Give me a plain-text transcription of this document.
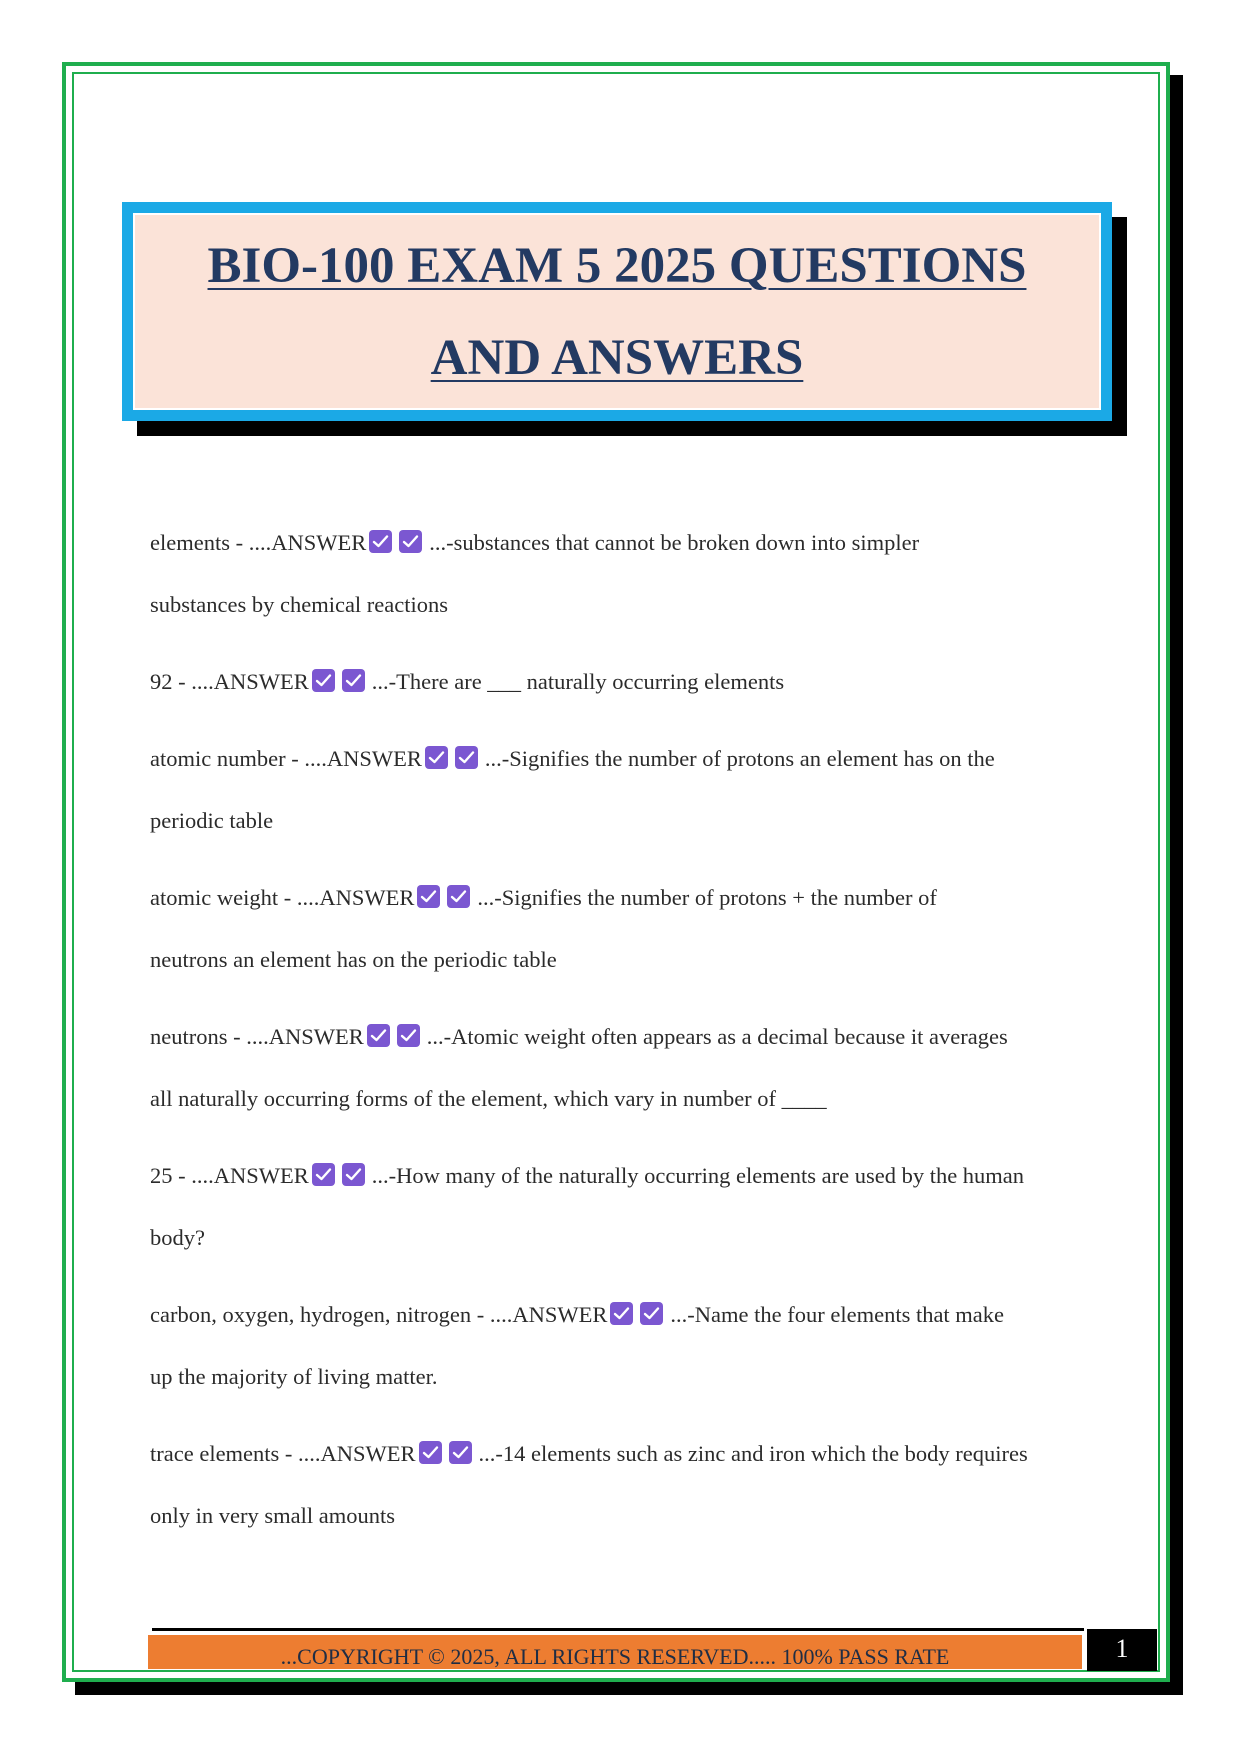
BIO-100 EXAM 5 2025 QUESTIONS
AND ANSWERS
elements - ....ANSWER	...-substances that cannot be broken down into simpler
substances by chemical reactions
92 - ....ANSWER	...-There are ___ naturally occurring elements
atomic number - ....ANSWER	...-Signifies the number of protons an element has on the
periodic table
atomic weight - ....ANSWER	...-Signifies the number of protons + the number of
neutrons an element has on the periodic table
neutrons - ....ANSWER	...-Atomic weight often appears as a decimal because it averages
all naturally occurring forms of the element, which vary in number of ____
25 - ....ANSWER	...-How many of the naturally occurring elements are used by the human
body?
carbon, oxygen, hydrogen, nitrogen - ....ANSWER	...-Name the four elements that make
up the majority of living matter.
trace elements - ....ANSWER	...-14 elements such as zinc and iron which the body requires
only in very small amounts
...COPYRIGHT © 2025, ALL RIGHTS RESERVED..... 100% PASS RATE	1
